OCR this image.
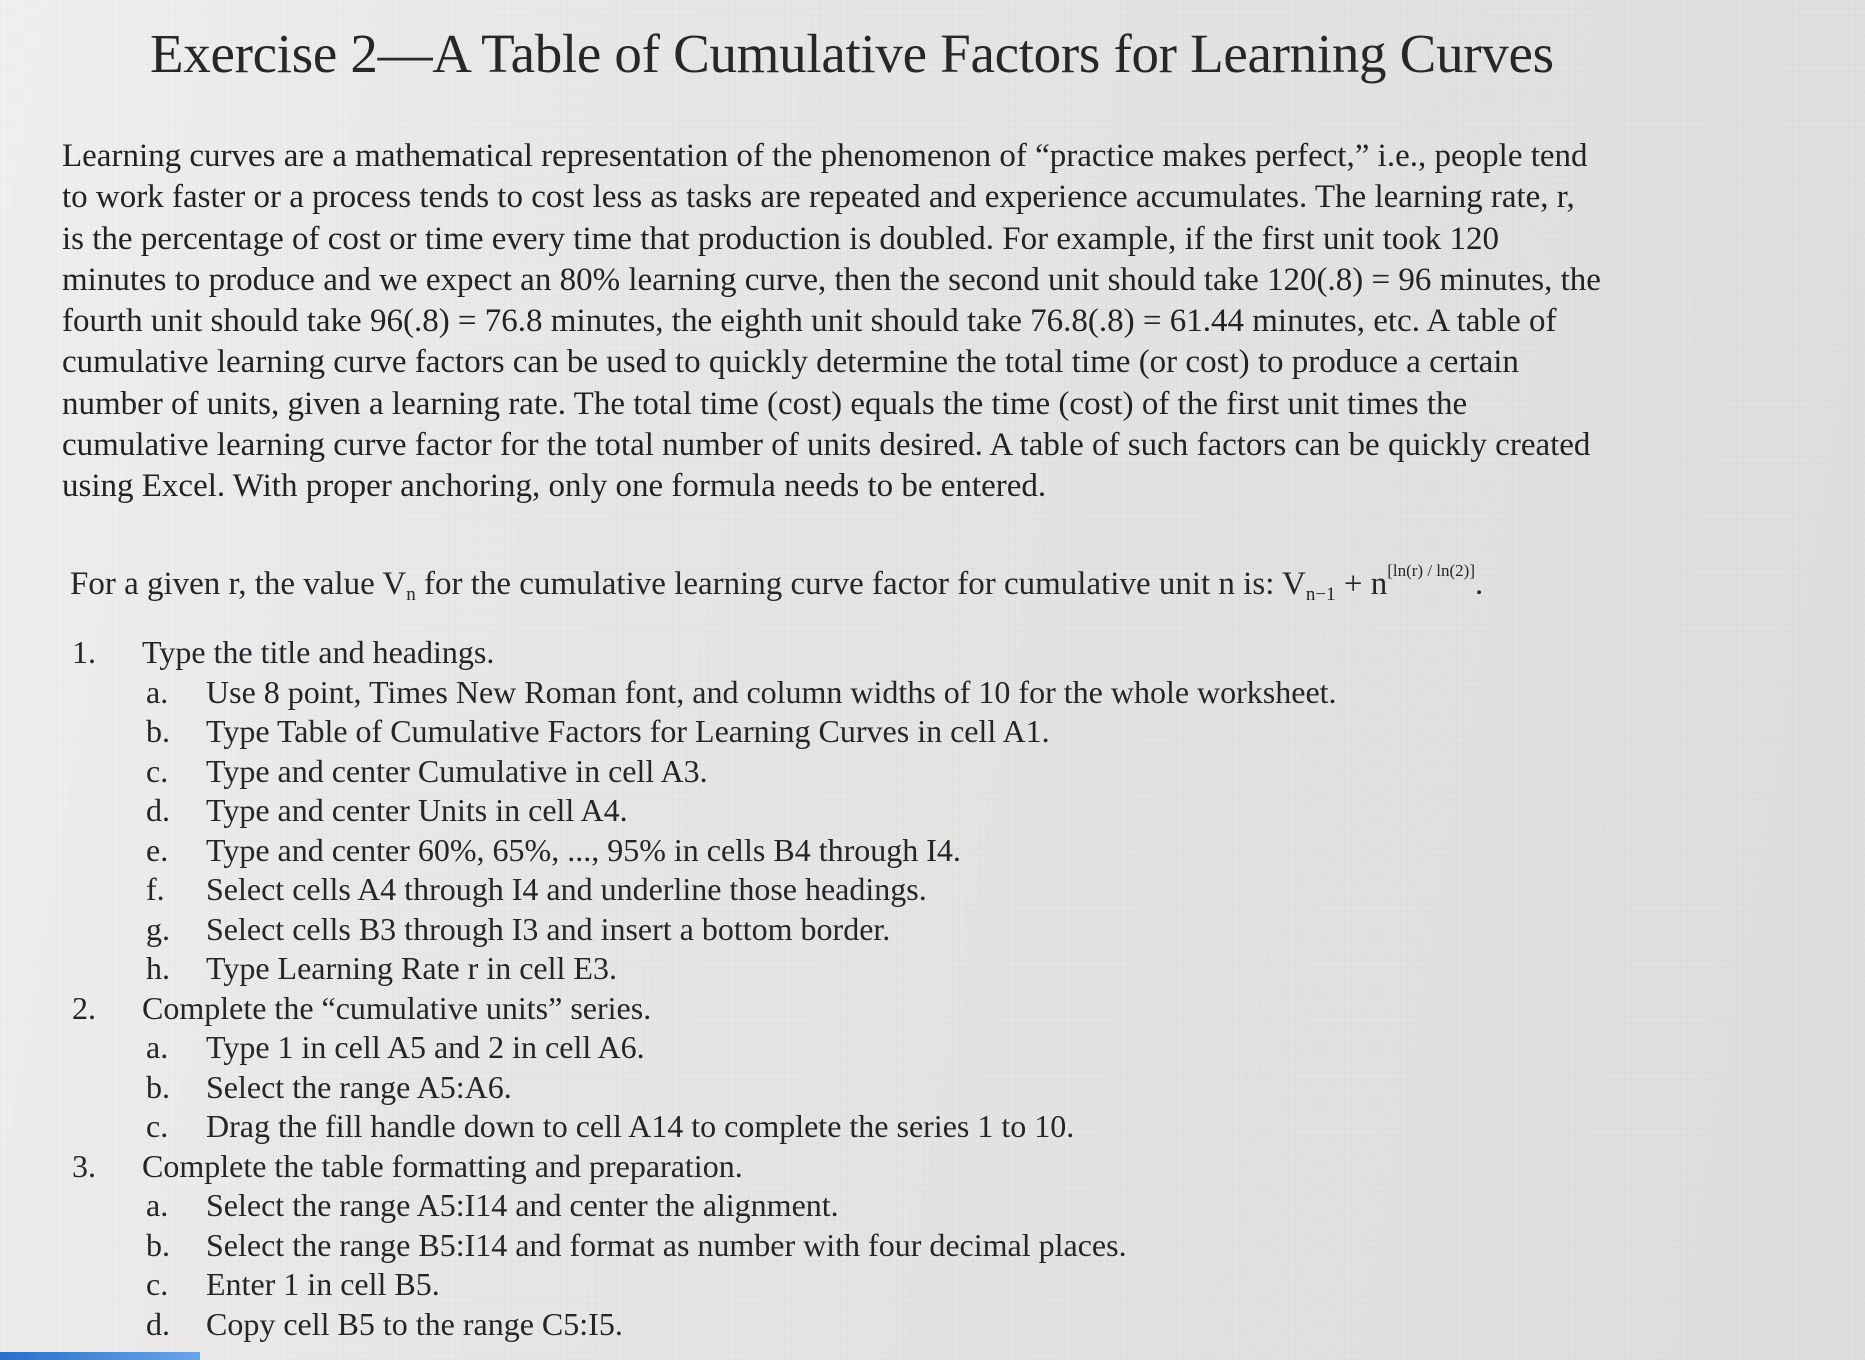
Exercise 2—A Table of Cumulative Factors for Learning Curves

Learning curves are a mathematical representation of the phenomenon of “practice makes perfect,” i.e., people tend
to work faster or a process tends to cost less as tasks are repeated and experience accumulates. The learning rate, r,
is the percentage of cost or time every time that production is doubled. For example, if the first unit took 120
minutes to produce and we expect an 80% learning curve, then the second unit should take 120(.8) = 96 minutes, the
fourth unit should take 96(.8) = 76.8 minutes, the eighth unit should take 76.8(.8) = 61.44 minutes, etc. A table of
cumulative learning curve factors can be used to quickly determine the total time (or cost) to produce a certain
number of units, given a learning rate. The total time (cost) equals the time (cost) of the first unit times the
cumulative learning curve factor for the total number of units desired. A table of such factors can be quickly created
using Excel. With proper anchoring, only one formula needs to be entered.

For a given r, the value $V_n$ for the cumulative learning curve factor for cumulative unit n is: $V_{n-1} + n[\ln(r) / \ln(2)]$.
1. Type the title and headings.
a.	Use 8 point, Times New Roman font, and column widths of 10 for the whole worksheet.
b.	Type Table of Cumulative Factors for Learning Curves in cell A1.
c.	Type and center Cumulative in cell A3.
d.	Type and center Units in cell A4.
e.	Type and center 60%, 65%, ..., 95% in cells B4 through I4.
f.	Select cells A4 through I4 and underline those headings.
g.	Select cells B3 through I3 and insert a bottom border.
h.	Type Learning Rate r in cell E3.
2. Complete the “cumulative units” series.
a.	Type 1 in cell A5 and 2 in cell A6.
b.	Select the range A5:A6.
c.	Drag the fill handle down to cell A14 to complete the series 1 to 10.
3. Complete the table formatting and preparation.
a.	Select the range A5:I14 and center the alignment.
b.	Select the range B5:I14 and format as number with four decimal places.
c.	Enter 1 in cell B5.
d.	Copy cell B5 to the range C5:I5.
